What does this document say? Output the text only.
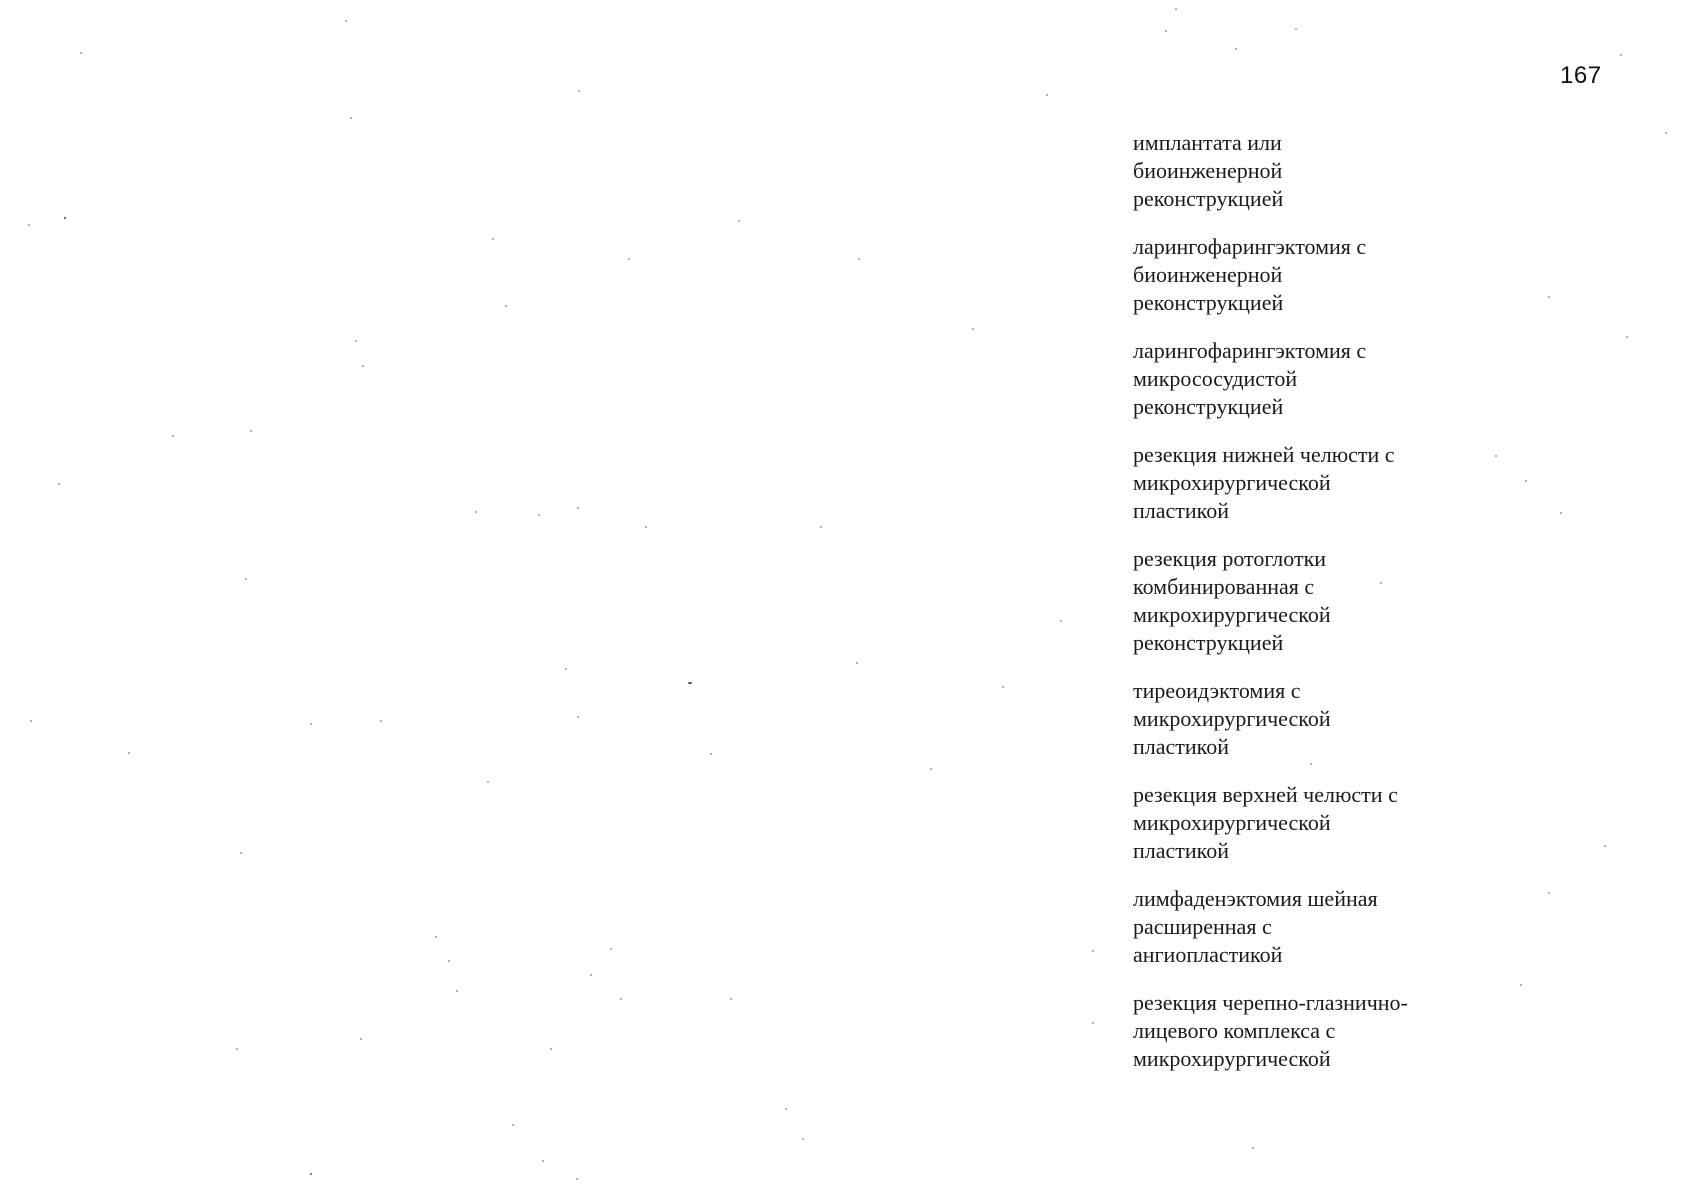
167
имплантата или
биоинженерной
реконструкцией
ларингофарингэктомия с
биоинженерной
реконструкцией
ларингофарингэктомия с
микрососудистой
реконструкцией
резекция нижней челюсти с
микрохирургической
пластикой
резекция ротоглотки
комбинированная с
микрохирургической
реконструкцией
тиреоидэктомия с
микрохирургической
пластикой
резекция верхней челюсти с
микрохирургической
пластикой
лимфаденэктомия шейная
расширенная с
ангиопластикой
резекция черепно-глазнично-
лицевого комплекса с
микрохирургической
